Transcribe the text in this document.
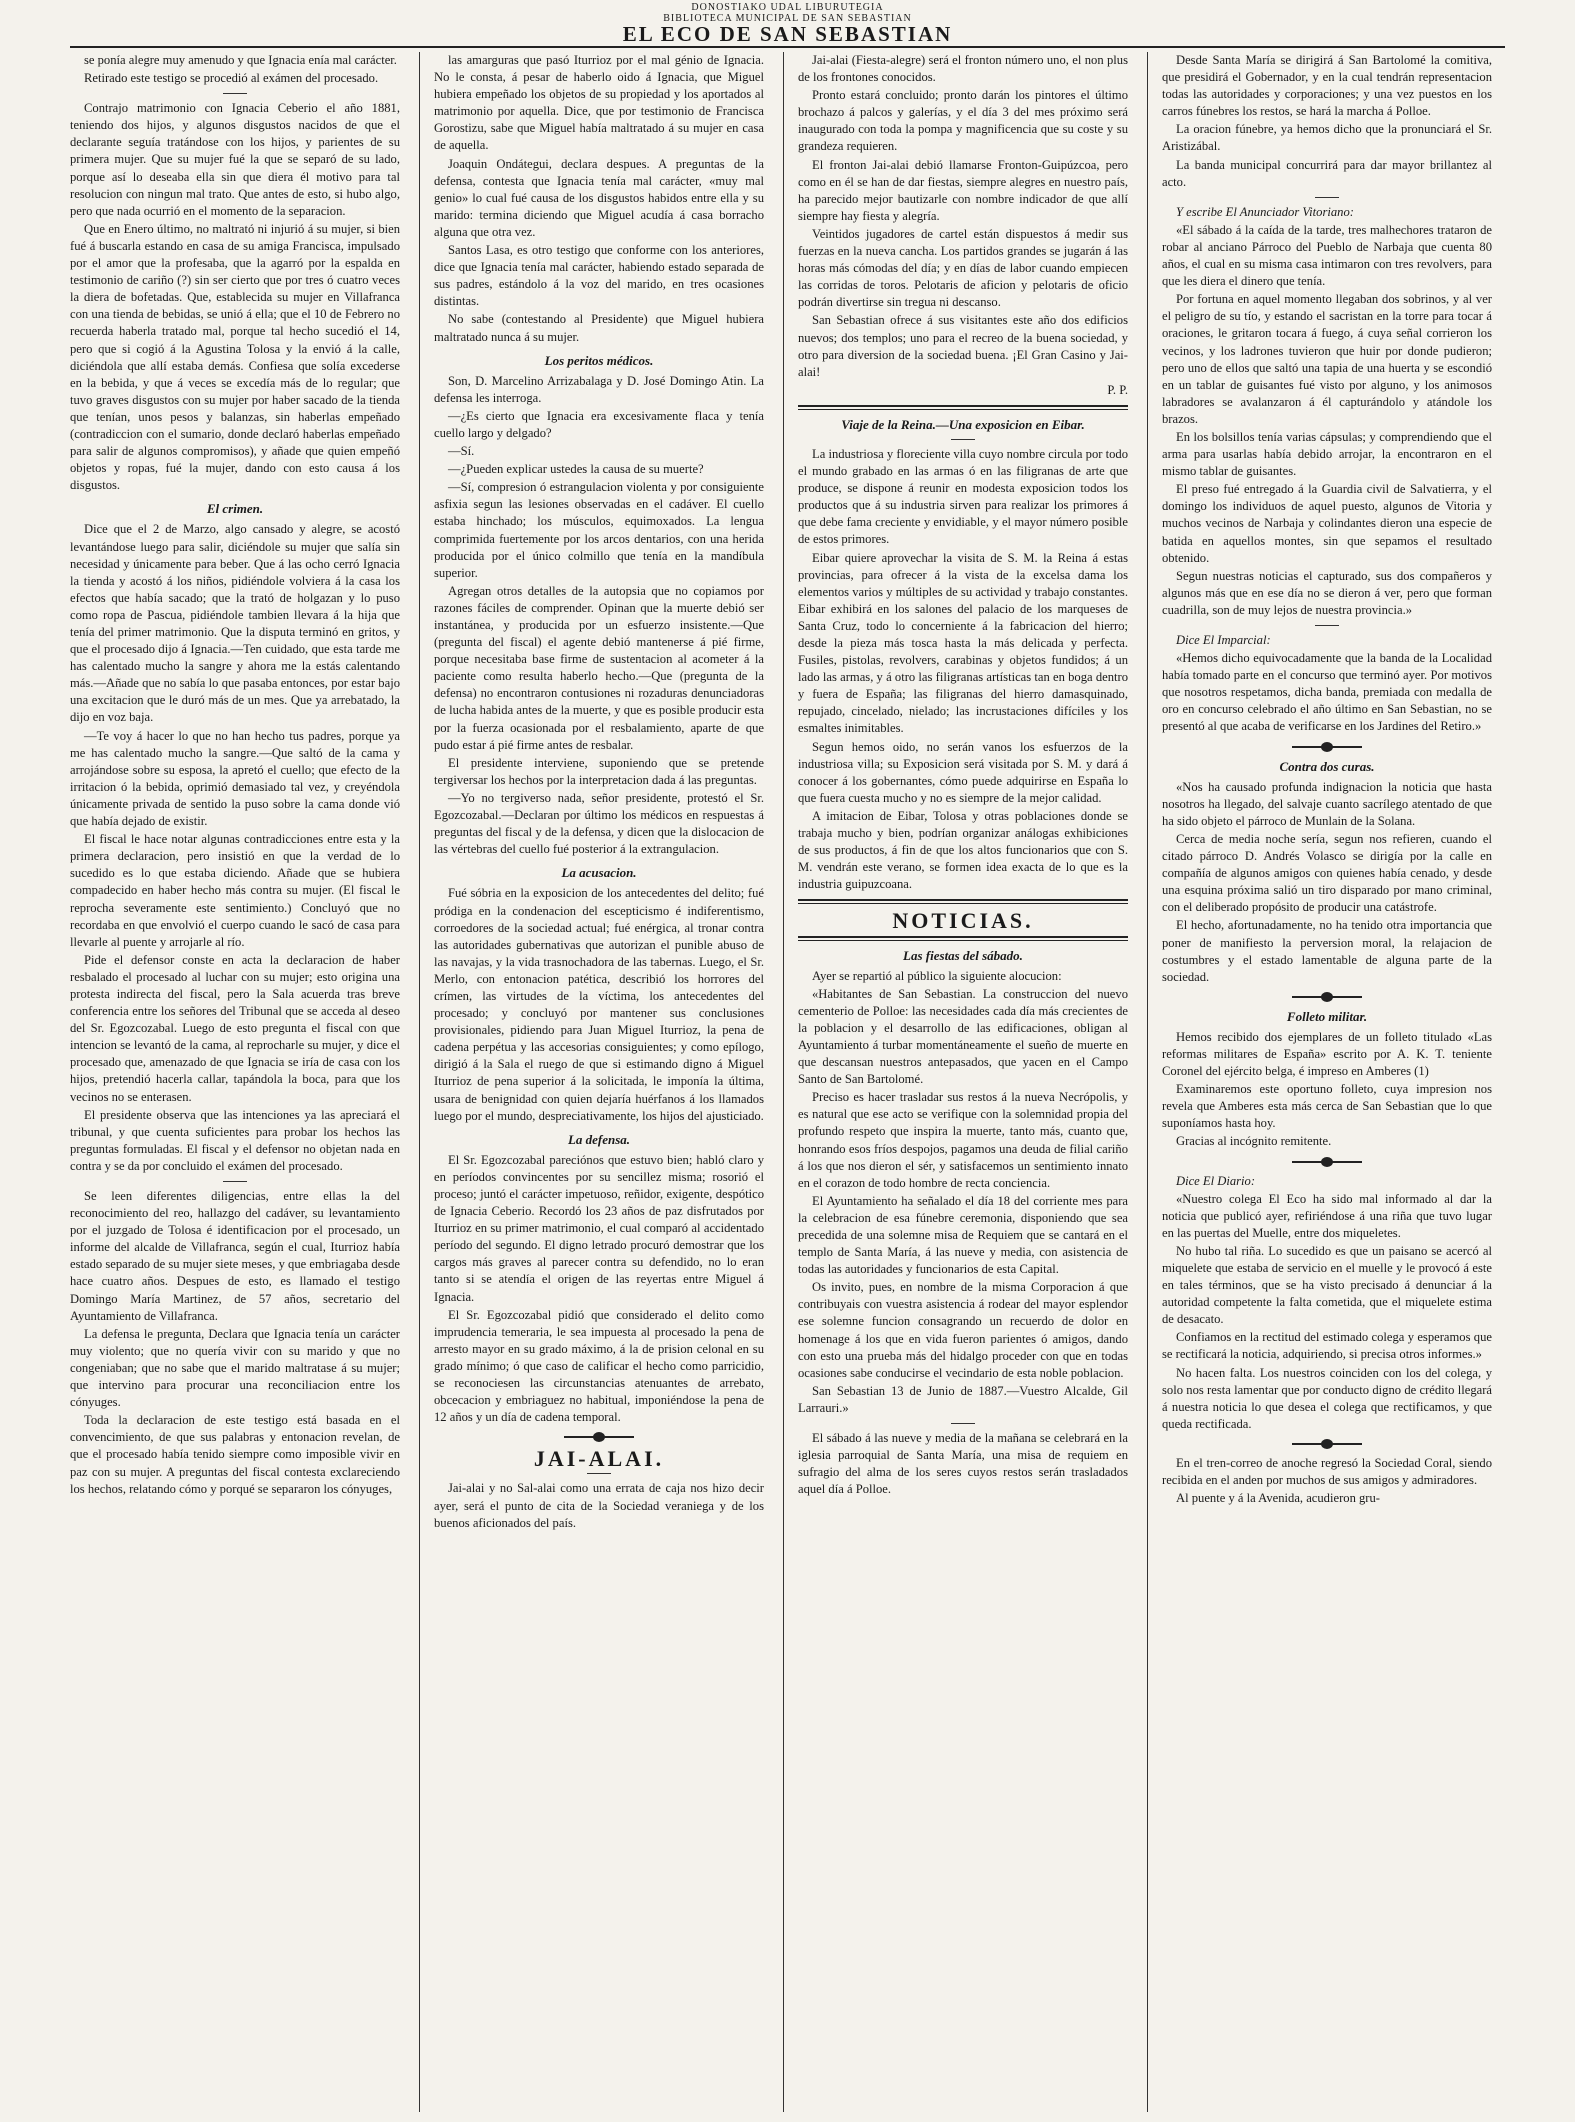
DONOSTIAKO UDAL LIBURUTEGIA
BIBLIOTECA MUNICIPAL DE SAN SEBASTIAN
EL ECO DE SAN SEBASTIAN

se ponía alegre muy amenudo y que Ignacia enía mal carácter.

Retirado este testigo se procedió al exámen del procesado.

Contrajo matrimonio con Ignacia Ceberio el año 1881, teniendo dos hijos, y algunos disgustos nacidos de que el declarante seguía tratándose con los hijos, y parientes de su primera mujer. Que su mujer fué la que se separó de su lado, porque así lo deseaba ella sin que diera él motivo para tal resolucion con ningun mal trato. Que antes de esto, si hubo algo, pero que nada ocurrió en el momento de la separacion.

Que en Enero último, no maltrató ni injurió á su mujer, si bien fué á buscarla estando en casa de su amiga Francisca, impulsado por el amor que la profesaba, que la agarró por la espalda en testimonio de cariño (?) sin ser cierto que por tres ó cuatro veces la diera de bofetadas. Que, establecida su mujer en Villafranca con una tienda de bebidas, se unió á ella; que el 10 de Febrero no recuerda haberla tratado mal, porque tal hecho sucedió el 14, pero que si cogió á la Agustina Tolosa y la envió á la calle, diciéndola que allí estaba demás. Confiesa que solía excederse en la bebida, y que á veces se excedía más de lo regular; que tuvo graves disgustos con su mujer por haber sacado de la tienda que tenían, unos pesos y balanzas, sin haberlas empeñado (contradiccion con el sumario, donde declaró haberlas empeñado para salir de algunos compromisos), y añade que quien empeñó objetos y ropas, fué la mujer, dando con esto causa á los disgustos.

El crimen.

Dice que el 2 de Marzo, algo cansado y alegre, se acostó levantándose luego para salir, diciéndole su mujer que salía sin necesidad y únicamente para beber. Que á las ocho cerró Ignacia la tienda y acostó á los niños, pidiéndole volviera á la casa los efectos que había sacado; que la trató de holgazan y lo puso como ropa de Pascua, pidiéndole tambien llevara á la hija que tenía del primer matrimonio. Que la disputa terminó en gritos, y que el procesado dijo á Ignacia.—Ten cuidado, que esta tarde me has calentado mucho la sangre y ahora me la estás calentando más.—Añade que no sabía lo que pasaba entonces, por estar bajo una excitacion que le duró más de un mes. Que ya arrebatado, la dijo en voz baja.

—Te voy á hacer lo que no han hecho tus padres, porque ya me has calentado mucho la sangre.—Que saltó de la cama y arrojándose sobre su esposa, la apretó el cuello; que efecto de la irritacion ó la bebida, oprimió demasiado tal vez, y creyéndola únicamente privada de sentido la puso sobre la cama donde vió que había dejado de existir.

El fiscal le hace notar algunas contradicciones entre esta y la primera declaracion, pero insistió en que la verdad de lo sucedido es lo que estaba diciendo. Añade que se hubiera compadecido en haber hecho más contra su mujer. (El fiscal le reprocha severamente este sentimiento.) Concluyó que no recordaba en que envolvió el cuerpo cuando le sacó de casa para llevarle al puente y arrojarle al río.

Pide el defensor conste en acta la declaracion de haber resbalado el procesado al luchar con su mujer; esto origina una protesta indirecta del fiscal, pero la Sala acuerda tras breve conferencia entre los señores del Tribunal que se acceda al deseo del Sr. Egozcozabal. Luego de esto pregunta el fiscal con que intencion se levantó de la cama, al reprocharle su mujer, y dice el procesado que, amenazado de que Ignacia se iría de casa con los hijos, pretendió hacerla callar, tapándola la boca, para que los vecinos no se enterasen.

El presidente observa que las intenciones ya las apreciará el tribunal, y que cuenta suficientes para probar los hechos las preguntas formuladas. El fiscal y el defensor no objetan nada en contra y se da por concluido el exámen del procesado.

Se leen diferentes diligencias, entre ellas la del reconocimiento del reo, hallazgo del cadáver, su levantamiento por el juzgado de Tolosa é identificacion por el procesado, un informe del alcalde de Villafranca, según el cual, Iturrioz había estado separado de su mujer siete meses, y que embriagaba desde hace cuatro años. Despues de esto, es llamado el testigo Domingo María Martinez, de 57 años, secretario del Ayuntamiento de Villafranca.

La defensa le pregunta, Declara que Ignacia tenía un carácter muy violento; que no quería vivir con su marido y que no congeniaban; que no sabe que el marido maltratase á su mujer; que intervino para procurar una reconciliacion entre los cónyuges.

Toda la declaracion de este testigo está basada en el convencimiento, de que sus palabras y entonacion revelan, de que el procesado había tenido siempre como imposible vivir en paz con su mujer. A preguntas del fiscal contesta exclareciendo los hechos, relatando cómo y porqué se separaron los cónyuges,

las amarguras que pasó Iturrioz por el mal génio de Ignacia. No le consta, á pesar de haberlo oido á Ignacia, que Miguel hubiera empeñado los objetos de su propiedad y los aportados al matrimonio por aquella. Dice, que por testimonio de Francisca Gorostizu, sabe que Miguel había maltratado á su mujer en casa de aquella.

Joaquin Ondátegui, declara despues. A preguntas de la defensa, contesta que Ignacia tenía mal carácter, «muy mal genio» lo cual fué causa de los disgustos habidos entre ella y su marido: termina diciendo que Miguel acudía á casa borracho alguna que otra vez.

Santos Lasa, es otro testigo que conforme con los anteriores, dice que Ignacia tenía mal carácter, habiendo estado separada de sus padres, estándolo á la voz del marido, en tres ocasiones distintas.

No sabe (contestando al Presidente) que Miguel hubiera maltratado nunca á su mujer.

Los peritos médicos.

Son, D. Marcelino Arrizabalaga y D. José Domingo Atin. La defensa les interroga.

—¿Es cierto que Ignacia era excesivamente flaca y tenía cuello largo y delgado?

—Sí.

—¿Pueden explicar ustedes la causa de su muerte?

—Sí, compresion ó estrangulacion violenta y por consiguiente asfixia segun las lesiones observadas en el cadáver. El cuello estaba hinchado; los músculos, equimoxados. La lengua comprimida fuertemente por los arcos dentarios, con una herida producida por el único colmillo que tenía en la mandíbula superior.

Agregan otros detalles de la autopsia que no copiamos por razones fáciles de comprender. Opinan que la muerte debió ser instantánea, y producida por un esfuerzo insistente.—Que (pregunta del fiscal) el agente debió mantenerse á pié firme, porque necesitaba base firme de sustentacion al acometer á la paciente como resulta haberlo hecho.—Que (pregunta de la defensa) no encontraron contusiones ni rozaduras denunciadoras de lucha habida antes de la muerte, y que es posible producir esta por la fuerza ocasionada por el resbalamiento, aparte de que pudo estar á pié firme antes de resbalar.

El presidente interviene, suponiendo que se pretende tergiversar los hechos por la interpretacion dada á las preguntas.

—Yo no tergiverso nada, señor presidente, protestó el Sr. Egozcozabal.—Declaran por último los médicos en respuestas á preguntas del fiscal y de la defensa, y dicen que la dislocacion de las vértebras del cuello fué posterior á la extrangulacion.

La acusacion.

Fué sóbria en la exposicion de los antecedentes del delito; fué pródiga en la condenacion del escepticismo é indiferentismo, corroedores de la sociedad actual; fué enérgica, al tronar contra las autoridades gubernativas que autorizan el punible abuso de las navajas, y la vida trasnochadora de las tabernas. Luego, el Sr. Merlo, con entonacion patética, describió los horrores del crímen, las virtudes de la víctima, los antecedentes del procesado; y concluyó por mantener sus conclusiones provisionales, pidiendo para Juan Miguel Iturrioz, la pena de cadena perpétua y las accesorias consiguientes; y como epílogo, dirigió á la Sala el ruego de que si estimando digno á Miguel Iturrioz de pena superior á la solicitada, le imponía la última, usara de benignidad con quien dejaría huérfanos á los llamados luego por el mundo, despreciativamente, los hijos del ajusticiado.

La defensa.

El Sr. Egozcozabal pareciónos que estuvo bien; habló claro y en períodos convincentes por su sencillez misma; rosorió el proceso; juntó el carácter impetuoso, reñidor, exigente, despótico de Ignacia Ceberio. Recordó los 23 años de paz disfrutados por Iturrioz en su primer matrimonio, el cual comparó al accidentado período del segundo. El digno letrado procuró demostrar que los cargos más graves al parecer contra su defendido, no lo eran tanto si se atendía el origen de las reyertas entre Miguel á Ignacia.

El Sr. Egozcozabal pidió que considerado el delito como imprudencia temeraria, le sea impuesta al procesado la pena de arresto mayor en su grado máximo, á la de prision celonal en su grado mínimo; ó que caso de calificar el hecho como parricidio, se reconociesen las circunstancias atenuantes de arrebato, obcecacion y embriaguez no habitual, imponiéndose la pena de 12 años y un día de cadena temporal.

JAI-ALAI.

Jai-alai y no Sal-alai como una errata de caja nos hizo decir ayer, será el punto de cita de la Sociedad veraniega y de los buenos aficionados del país.

Jai-alai (Fiesta-alegre) será el fronton número uno, el non plus de los frontones conocidos.

Pronto estará concluido; pronto darán los pintores el último brochazo á palcos y galerías, y el día 3 del mes próximo será inaugurado con toda la pompa y magnificencia que su coste y su grandeza requieren.

El fronton Jai-alai debió llamarse Fronton-Guipúzcoa, pero como en él se han de dar fiestas, siempre alegres en nuestro país, ha parecido mejor bautizarle con nombre indicador de que allí siempre hay fiesta y alegría.

Veintidos jugadores de cartel están dispuestos á medir sus fuerzas en la nueva cancha. Los partidos grandes se jugarán á las horas más cómodas del día; y en días de labor cuando empiecen las corridas de toros. Pelotaris de aficion y pelotaris de oficio podrán divertirse sin tregua ni descanso.

San Sebastian ofrece á sus visitantes este año dos edificios nuevos; dos templos; uno para el recreo de la buena sociedad, y otro para diversion de la sociedad buena. ¡El Gran Casino y Jai-alai!

P. P.

Viaje de la Reina.—Una exposicion en Eibar.

La industriosa y floreciente villa cuyo nombre circula por todo el mundo grabado en las armas ó en las filigranas de arte que produce, se dispone á reunir en modesta exposicion todos los productos que á su industria sirven para realizar los primores á que debe fama creciente y envidiable, y el mayor número posible de estos primores.

Eibar quiere aprovechar la visita de S. M. la Reina á estas provincias, para ofrecer á la vista de la excelsa dama los elementos varios y múltiples de su actividad y trabajo constantes. Eibar exhibirá en los salones del palacio de los marqueses de Santa Cruz, todo lo concerniente á la fabricacion del hierro; desde la pieza más tosca hasta la más delicada y perfecta. Fusiles, pistolas, revolvers, carabinas y objetos fundidos; á un lado las armas, y á otro las filigranas artísticas tan en boga dentro y fuera de España; las filigranas del hierro damasquinado, repujado, cincelado, nielado; las incrustaciones difíciles y los esmaltes inimitables.

Segun hemos oido, no serán vanos los esfuerzos de la industriosa villa; su Exposicion será visitada por S. M. y dará á conocer á los gobernantes, cómo puede adquirirse en España lo que fuera cuesta mucho y no es siempre de la mejor calidad.

A imitacion de Eibar, Tolosa y otras poblaciones donde se trabaja mucho y bien, podrían organizar análogas exhibiciones de sus productos, á fin de que los altos funcionarios que con S. M. vendrán este verano, se formen idea exacta de lo que es la industria guipuzcoana.

NOTICIAS.
Las fiestas del sábado.

Ayer se repartió al público la siguiente alocucion:

«Habitantes de San Sebastian. La construccion del nuevo cementerio de Polloe: las necesidades cada día más crecientes de la poblacion y el desarrollo de las edificaciones, obligan al Ayuntamiento á turbar momentáneamente el sueño de muerte en que descansan nuestros antepasados, que yacen en el Campo Santo de San Bartolomé.

Preciso es hacer trasladar sus restos á la nueva Necrópolis, y es natural que ese acto se verifique con la solemnidad propia del profundo respeto que inspira la muerte, tanto más, cuanto que, honrando esos fríos despojos, pagamos una deuda de filial cariño á los que nos dieron el sér, y satisfacemos un sentimiento innato en el corazon de todo hombre de recta conciencia.

El Ayuntamiento ha señalado el día 18 del corriente mes para la celebracion de esa fúnebre ceremonia, disponiendo que sea precedida de una solemne misa de Requiem que se cantará en el templo de Santa María, á las nueve y media, con asistencia de todas las autoridades y funcionarios de esta Capital.

Os invito, pues, en nombre de la misma Corporacion á que contribuyais con vuestra asistencia á rodear del mayor esplendor ese solemne funcion consagrando un recuerdo de dolor en homenage á los que en vida fueron parientes ó amigos, dando con esto una prueba más del hidalgo proceder con que en todas ocasiones sabe conducirse el vecindario de esta noble poblacion.

San Sebastian 13 de Junio de 1887.—Vuestro Alcalde, Gil Larrauri.»

El sábado á las nueve y media de la mañana se celebrará en la iglesia parroquial de Santa María, una misa de requiem en sufragio del alma de los seres cuyos restos serán trasladados aquel día á Polloe.

Desde Santa María se dirigirá á San Bartolomé la comitiva, que presidirá el Gobernador, y en la cual tendrán representacion todas las autoridades y corporaciones; y una vez puestos en los carros fúnebres los restos, se hará la marcha á Polloe.

La oracion fúnebre, ya hemos dicho que la pronunciará el Sr. Aristizábal.

La banda municipal concurrirá para dar mayor brillantez al acto.

Y escribe El Anunciador Vitoriano:

«El sábado á la caída de la tarde, tres malhechores trataron de robar al anciano Párroco del Pueblo de Narbaja que cuenta 80 años, el cual en su misma casa intimaron con tres revolvers, para que les diera el dinero que tenía.

Por fortuna en aquel momento llegaban dos sobrinos, y al ver el peligro de su tío, y estando el sacristan en la torre para tocar á oraciones, le gritaron tocara á fuego, á cuya señal corrieron los vecinos, y los ladrones tuvieron que huir por donde pudieron; pero uno de ellos que saltó una tapia de una huerta y se escondió en un tablar de guisantes fué visto por alguno, y los animosos labradores se avalanzaron á él capturándolo y atándole los brazos.

En los bolsillos tenía varias cápsulas; y comprendiendo que el arma para usarlas había debido arrojar, la encontraron en el mismo tablar de guisantes.

El preso fué entregado á la Guardia civil de Salvatierra, y el domingo los individuos de aquel puesto, algunos de Vitoria y muchos vecinos de Narbaja y colindantes dieron una especie de batida en aquellos montes, sin que sepamos el resultado obtenido.

Segun nuestras noticias el capturado, sus dos compañeros y algunos más que en ese día no se dieron á ver, pero que forman cuadrilla, son de muy lejos de nuestra provincia.»

Dice El Imparcial:

«Hemos dicho equivocadamente que la banda de la Localidad había tomado parte en el concurso que terminó ayer. Por motivos que nosotros respetamos, dicha banda, premiada con medalla de oro en concurso celebrado el año último en San Sebastian, no se presentó al que acaba de verificarse en los Jardines del Retiro.»

Contra dos curas.

«Nos ha causado profunda indignacion la noticia que hasta nosotros ha llegado, del salvaje cuanto sacrílego atentado de que ha sido objeto el párroco de Munlain de la Solana.

Cerca de media noche sería, segun nos refieren, cuando el citado párroco D. Andrés Volasco se dirigía por la calle en compañía de algunos amigos con quienes había cenado, y desde una esquina próxima salió un tiro disparado por mano criminal, con el deliberado propósito de producir una catástrofe.

El hecho, afortunadamente, no ha tenido otra importancia que poner de manifiesto la perversion moral, la relajacion de costumbres y el estado lamentable de alguna parte de la sociedad.

Folleto militar.

Hemos recibido dos ejemplares de un folleto titulado «Las reformas militares de España» escrito por A. K. T. teniente Coronel del ejército belga, é impreso en Amberes (1)

Examinaremos este oportuno folleto, cuya impresion nos revela que Amberes esta más cerca de San Sebastian que lo que suponíamos hasta hoy.

Gracias al incógnito remitente.

Dice El Diario:

«Nuestro colega El Eco ha sido mal informado al dar la noticia que publicó ayer, refiriéndose á una riña que tuvo lugar en las puertas del Muelle, entre dos miqueletes.

No hubo tal riña. Lo sucedido es que un paisano se acercó al miquelete que estaba de servicio en el muelle y le provocó á este en tales términos, que se ha visto precisado á denunciar á la autoridad competente la falta cometida, que el miquelete estima de desacato.

Confiamos en la rectitud del estimado colega y esperamos que se rectificará la noticia, adquiriendo, si precisa otros informes.»

No hacen falta. Los nuestros coinciden con los del colega, y solo nos resta lamentar que por conducto digno de crédito llegará á nuestra noticia lo que desea el colega que rectificamos, y que queda rectificada.

En el tren-correo de anoche regresó la Sociedad Coral, siendo recibida en el anden por muchos de sus amigos y admiradores.

Al puente y á la Avenida, acudieron gru-
